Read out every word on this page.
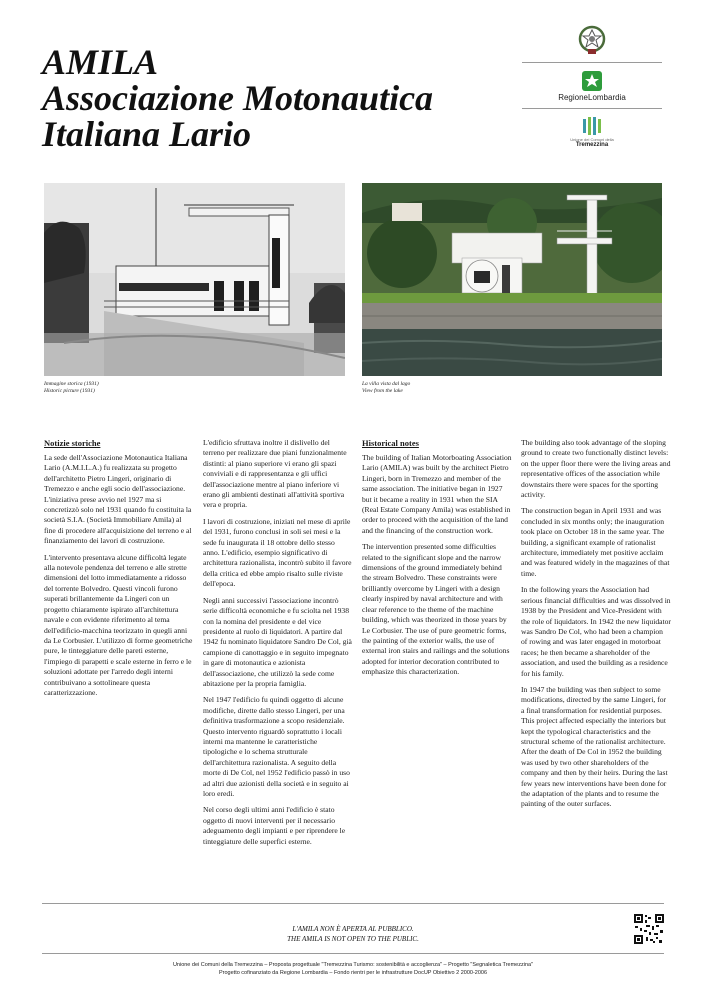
AMILA
Associazione Motonautica
Italiana Lario
RegioneLombardia
Unione dei Comuni della
Tremezzina
Immagine storica (1931)
Historic picture (1931)
La villa vista dal lago
View from the lake
Notizie storiche

La sede dell'Associazione Motonautica Italiana Lario (A.M.I.L.A.) fu realizzata su progetto dell'architetto Pietro Lingeri, originario di Tremezzo e anche egli socio dell'associazione. L'iniziativa prese avvio nel 1927 ma si concretizzò solo nel 1931 quando fu costituita la società S.I.A. (Società Immobiliare Amila) al fine di procedere all'acquisizione del terreno e al finanziamento dei lavori di costruzione.

L'intervento presentava alcune difficoltà legate alla notevole pendenza del terreno e alle strette dimensioni del lotto immediatamente a ridosso del torrente Bolvedro. Questi vincoli furono superati brillantemente da Lingeri con un progetto chiaramente ispirato all'architettura navale e con evidente riferimento al tema dell'edificio-macchina teorizzato in quegli anni da Le Corbusier. L'utilizzo di forme geometriche pure, le tinteggiature delle pareti esterne, l'impiego di parapetti e scale esterne in ferro e le soluzioni adottate per l'arredo degli interni contribuivano a sottolineare questa caratterizzazione.

L'edificio sfruttava inoltre il dislivello del terreno per realizzare due piani funzionalmente distinti: al piano superiore vi erano gli spazi conviviali e di rappresentanza e gli uffici dell'associazione mentre al piano inferiore vi erano gli ambienti destinati all'attività sportiva vera e propria.

I lavori di costruzione, iniziati nel mese di aprile del 1931, furono conclusi in soli sei mesi e la sede fu inaugurata il 18 ottobre dello stesso anno. L'edificio, esempio significativo di architettura razionalista, incontrò subito il favore della critica ed ebbe ampio risalto sulle riviste dell'epoca.

Negli anni successivi l'associazione incontrò serie difficoltà economiche e fu sciolta nel 1938 con la nomina del presidente e del vice presidente al ruolo di liquidatori. A partire dal 1942 fu nominato liquidatore Sandro De Col, già campione di canottaggio e in seguito impegnato in gare di motonautica e azionista dell'associazione, che utilizzò la sede come abitazione per la propria famiglia.

Nel 1947 l'edificio fu quindi oggetto di alcune modifiche, dirette dallo stesso Lingeri, per una definitiva trasformazione a scopo residenziale. Questo intervento riguardò soprattutto i locali interni ma mantenne le caratteristiche tipologiche e lo schema strutturale dell'architettura razionalista. A seguito della morte di De Col, nel 1952 l'edificio passò in uso ad altri due azionisti della società e in seguito ai loro eredi.

Nel corso degli ultimi anni l'edificio è stato oggetto di nuovi interventi per il necessario adeguamento degli impianti e per riprendere le tinteggiature delle superfici esterne.

Historical notes

The building of Italian Motorboating Association Lario (AMILA) was built by the architect Pietro Lingeri, born in Tremezzo and member of the same association. The initiative began in 1927 but it became a reality in 1931 when the SIA (Real Estate Company Amila) was established in order to proceed with the acquisition of the land and the financing of the construction work.

The intervention presented some difficulties related to the significant slope and the narrow dimensions of the ground immediately behind the stream Bolvedro. These constraints were brilliantly overcome by Lingeri with a design clearly inspired by naval architecture and with clear reference to the theme of the machine building, which was theorized in those years by Le Corbusier. The use of pure geometric forms, the painting of the exterior walls, the use of external iron stairs and railings and the solutions adopted for interior decoration contributed to emphasize this characterization.

The building also took advantage of the sloping ground to create two functionally distinct levels: on the upper floor there were the living areas and representative offices of the association while downstairs there were spaces for the sporting activity.

The construction began in April 1931 and was concluded in six months only; the inauguration took place on October 18 in the same year. The building, a significant example of rationalist architecture, immediately met positive acclaim and was featured widely in the magazines of that time.

In the following years the Association had serious financial difficulties and was dissolved in 1938 by the President and Vice-President with the role of liquidators. In 1942 the new liquidator was Sandro De Col, who had been a champion of rowing and was later engaged in motorboat races; he then became a shareholder of the association, and used the building as a residence for his family.

In 1947 the building was then subject to some modifications, directed by the same Lingeri, for a final transformation for residential purposes. This project affected especially the interiors but kept the typological characteristics and the structural scheme of the rationalist architecture. After the death of De Col in 1952 the building was used by two other shareholders of the company and then by their heirs. During the last few years new interventions have been done for the adaptation of the plants and to resume the painting of the outer surfaces.

L'AMILA NON È APERTA AL PUBBLICO.
THE AMILA IS NOT OPEN TO THE PUBLIC.
Unione dei Comuni della Tremezzina – Proposta progettuale "Tremezzina Turismo: sostenibilità e accoglienza" – Progetto "Segnaletica Tremezzina"
Progetto cofinanziato da Regione Lombardia – Fondo rientri per le infrastrutture DocUP Obiettivo 2 2000-2006
